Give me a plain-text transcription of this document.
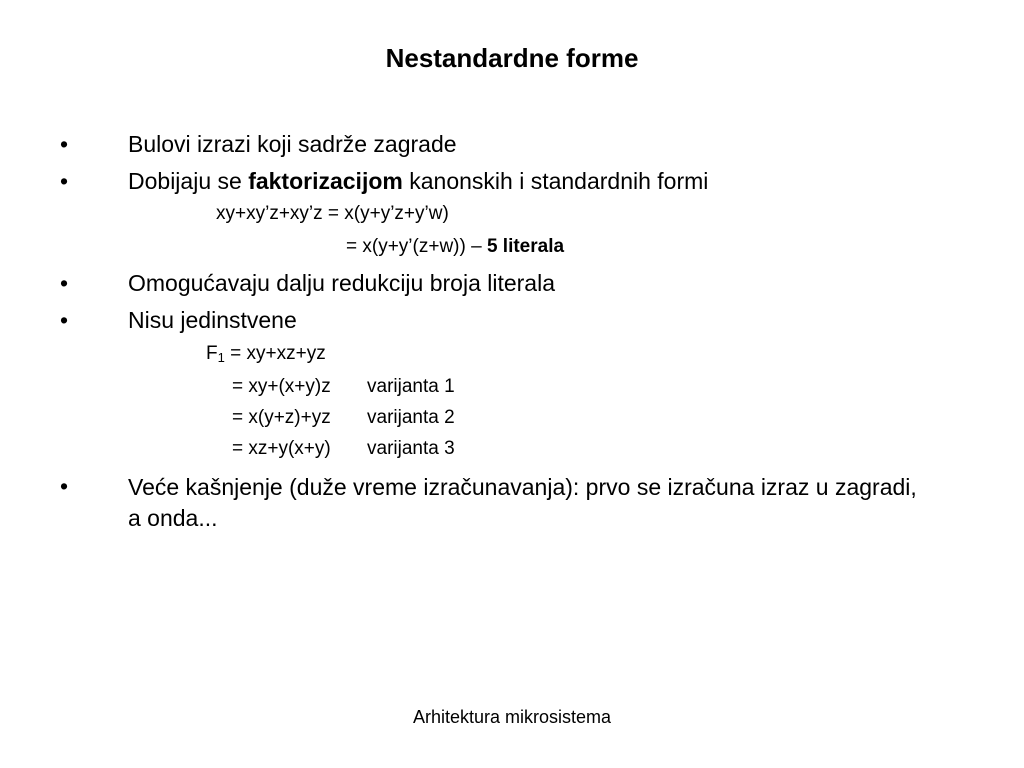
Nestandardne forme
•	Bulovi izrazi koji sadrže zagrade
•	Dobijaju se faktorizacijom kanonskih i standardnih formi
xy+xy’z+xy’z = x(y+y’z+y’w)
= x(y+y’(z+w)) – 5 literala
•	Omogućavaju dalju redukciju broja literala
•	Nisu jedinstvene
$F_1 = xy+xz+yz$
= xy+(x+y)z varijanta 1
= x(y+z)+yz varijanta 2
= xz+y(x+y) varijanta 3
•	Veće kašnjenje (duže vreme izračunavanja): prvo se izračuna izraz u zagradi, a onda...
Arhitektura mikrosistema
